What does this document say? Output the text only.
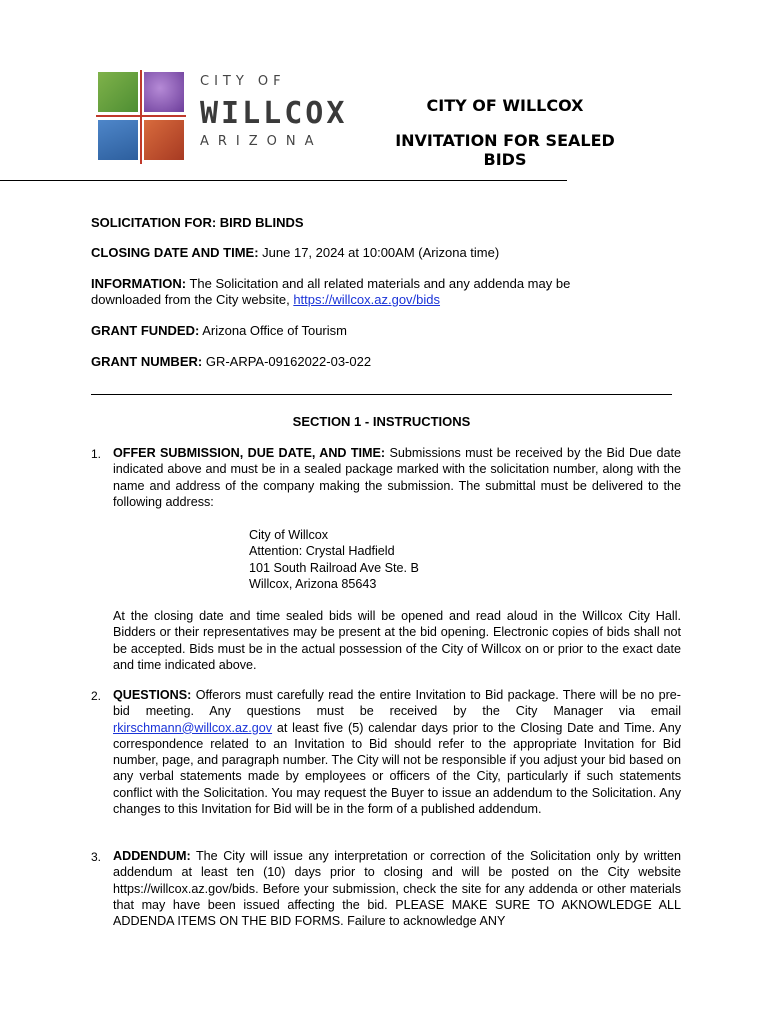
CITY OF
WILLCOX
ARIZONA
CITY OF WILLCOX
INVITATION FOR SEALED BIDS
SOLICITATION FOR: BIRD BLINDS
CLOSING DATE AND TIME: June 17, 2024 at 10:00AM (Arizona time)
INFORMATION: The Solicitation and all related materials and any addenda may be
downloaded from the City website, https://willcox.az.gov/bids
GRANT FUNDED: Arizona Office of Tourism
GRANT NUMBER: GR-ARPA-09162022-03-022
SECTION 1 - INSTRUCTIONS
1. OFFER SUBMISSION, DUE DATE, AND TIME: Submissions must be received by the Bid Due date indicated above and must be in a sealed package marked with the solicitation number, along with the name and address of the company making the submission. The submittal must be delivered to the following address:
City of Willcox
Attention: Crystal Hadfield
101 South Railroad Ave Ste. B
Willcox, Arizona 85643
At the closing date and time sealed bids will be opened and read aloud in the Willcox City Hall. Bidders or their representatives may be present at the bid opening. Electronic copies of bids shall not be accepted. Bids must be in the actual possession of the City of Willcox on or prior to the exact date and time indicated above.
2. QUESTIONS: Offerors must carefully read the entire Invitation to Bid package. There will be no pre-bid meeting. Any questions must be received by the City Manager via email rkirschmann@willcox.az.gov at least five (5) calendar days prior to the Closing Date and Time. Any correspondence related to an Invitation to Bid should refer to the appropriate Invitation for Bid number, page, and paragraph number. The City will not be responsible if you adjust your bid based on any verbal statements made by employees or officers of the City, particularly if such statements conflict with the Solicitation. You may request the Buyer to issue an addendum to the Solicitation. Any changes to this Invitation for Bid will be in the form of a published addendum.
3. ADDENDUM: The City will issue any interpretation or correction of the Solicitation only by written addendum at least ten (10) days prior to closing and will be posted on the City website https://willcox.az.gov/bids. Before your submission, check the site for any addenda or other materials that may have been issued affecting the bid. PLEASE MAKE SURE TO AKNOWLEDGE ALL ADDENDA ITEMS ON THE BID FORMS. Failure to acknowledge ANY
